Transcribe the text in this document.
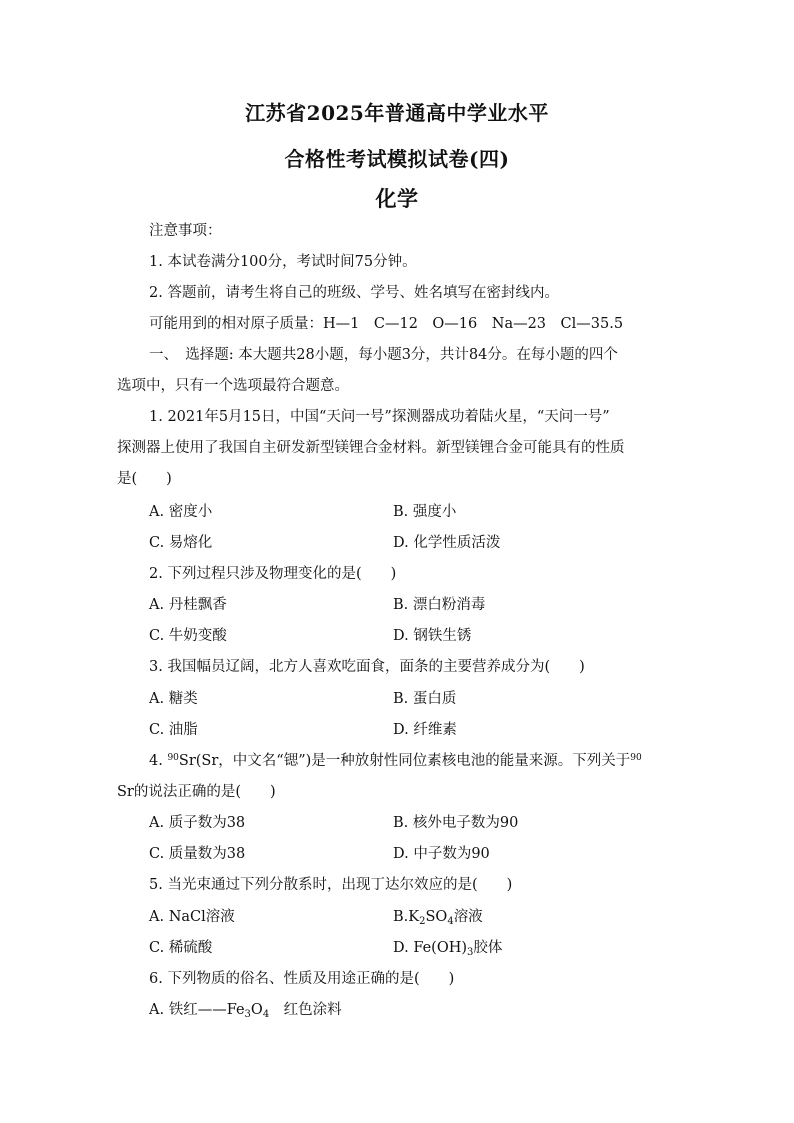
江苏省2025年普通高中学业水平
合格性考试模拟试卷(四)
化学
注意事项：
1. 本试卷满分100分，考试时间75分钟。
2. 答题前，请考生将自己的班级、学号、姓名填写在密封线内。
可能用到的相对原子质量：H—1　C—12　O—16　Na—23　Cl—35.5
一、　选择题: 本大题共28小题，每小题3分，共计84分。在每小题的四个
选项中，只有一个选项最符合题意。
1. 2021年5月15日，中国“天问一号”探测器成功着陆火星，“天问一号”
探测器上使用了我国自主研发新型镁锂合金材料。新型镁锂合金可能具有的性质
是(　　)
A. 密度小	B. 强度小
C. 易熔化	D. 化学性质活泼
2. 下列过程只涉及物理变化的是(　　)
A. 丹桂飘香	B. 漂白粉消毒
C. 牛奶变酸	D. 钢铁生锈
3. 我国幅员辽阔，北方人喜欢吃面食，面条的主要营养成分为(　　)
A. 糖类	B. 蛋白质
C. 油脂	D. 纤维素
4. $^{90}$Sr(Sr，中文名“锶”)是一种放射性同位素核电池的能量来源。下列关于$^{90}$
Sr的说法正确的是(　　)
A. 质子数为38	B. 核外电子数为90
C. 质量数为38	D. 中子数为90
5. 当光束通过下列分散系时，出现丁达尔效应的是(　　)
A. NaCl溶液	$B.K_2SO_4$溶液
C. 稀硫酸	D. $Fe(OH)_3$胶体
6. 下列物质的俗名、性质及用途正确的是(　　)
A. 铁红$——Fe_3O_4$　红色涂料
